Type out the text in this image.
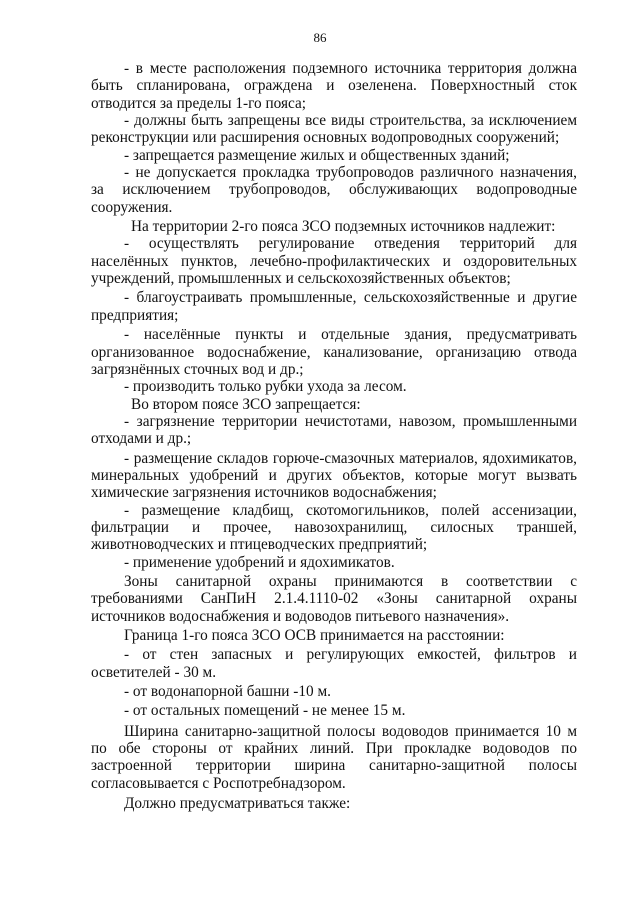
86

- в месте расположения подземного источника территория должна быть спланирована, ограждена и озеленена. Поверхностный сток отводится за пределы 1-го пояса;

- должны быть запрещены все виды строительства, за исключением реконструкции или расширения основных водопроводных сооружений;

- запрещается размещение жилых и общественных зданий;

- не допускается прокладка трубопроводов различного назначения, за исключением трубопроводов, обслуживающих водопроводные сооружения.

На территории 2-го пояса ЗСО подземных источников надлежит:

- осуществлять регулирование отведения территорий для населённых пунктов, лечебно-профилактических и оздоровительных учреждений, промышленных и сельскохозяйственных объектов;

- благоустраивать промышленные, сельскохозяйственные и другие предприятия;

- населённые пункты и отдельные здания, предусматривать организованное водоснабжение, канализование, организацию отвода загрязнённых сточных вод и др.;

- производить только рубки ухода за лесом.

Во втором поясе ЗСО запрещается:

- загрязнение территории нечистотами, навозом, промышленными отходами и др.;

- размещение складов горюче-смазочных материалов, ядохимикатов, минеральных удобрений и других объектов, которые могут вызвать химические загрязнения источников водоснабжения;

- размещение кладбищ, скотомогильников, полей ассенизации, фильтрации и прочее, навозохранилищ, силосных траншей, животноводческих и птицеводческих предприятий;

- применение удобрений и ядохимикатов.

Зоны санитарной охраны принимаются в соответствии с требованиями СанПиН 2.1.4.1110-02 «Зоны санитарной охраны источников водоснабжения и водоводов питьевого назначения».

Граница 1-го пояса ЗСО ОСВ принимается на расстоянии:

- от стен запасных и регулирующих емкостей, фильтров и осветителей - 30 м.

- от водонапорной башни -10 м.

- от остальных помещений - не менее 15 м.

Ширина санитарно-защитной полосы водоводов принимается 10 м по обе стороны от крайних линий. При прокладке водоводов по застроенной территории ширина санитарно-защитной полосы согласовывается с Роспотребнадзором.

Должно предусматриваться также:
